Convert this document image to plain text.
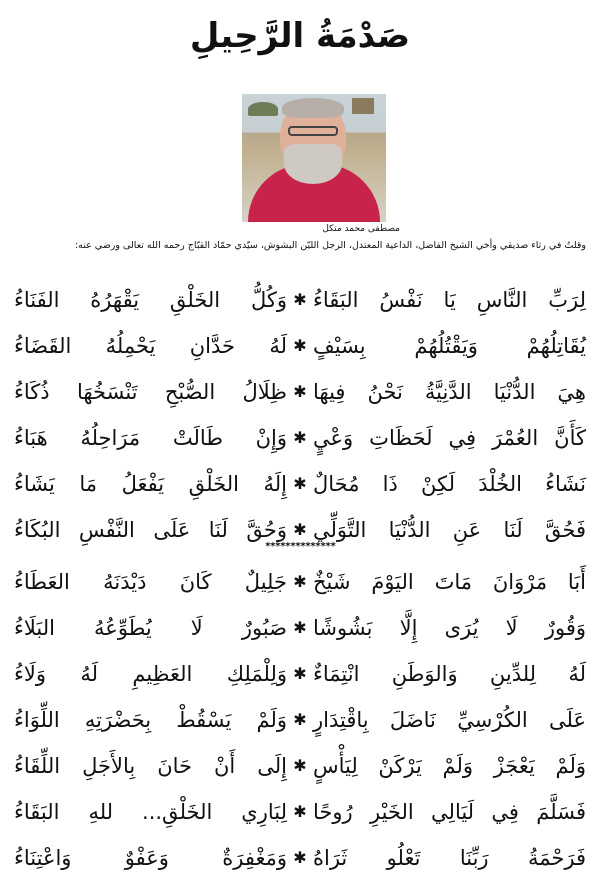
صَدْمَةُ الرَّحِيلِ
مصطفى محمد متكل
وقلتُ في رثاء صديقي وأخي الشيخ الفاضل، الداعية المعتدل، الرجل الليّن البشوش، سيّدي حمّاد القبّاج رحمه الله تعالى ورضي عنه:
لِرَبِّ النَّاسِ يَا نَفْسُ البَقَاءُ
✱
وَكُلُّ الخَلْقِ يَقْهَرُهُ الفَنَاءُ
يُقَاتِلُهُمْ وَيَقْتُلُهُمْ بِسَيْفٍ
✱
لَهُ حَدَّانِ يَحْمِلُهُ القَضَاءُ
هِيَ الدُّنْيَا الدَّنِيَّةُ نَحْنُ فِيهَا
✱
ظِلَالُ الصُّبْحِ تَنْسَخُهَا ذُكَاءُ
كَأَنَّ العُمْرَ فِي لَحَظَاتِ وَعْيٍ
✱
وَإِنْ طَالَتْ مَرَاحِلُهُ هَبَاءُ
نَشَاءُ الخُلْدَ لَكِنْ ذَا مُحَالٌ
✱
إِلَهُ الخَلْقِ يَفْعَلُ مَا يَشَاءُ
فَحُقَّ لَنَا عَنِ الدُّنْيَا التَّوَلِّي
✱
وَحُقَّ لَنَا عَلَى النَّفْسِ البُكَاءُ
**************
أَبَا مَرْوَانَ مَاتَ اليَوْمَ شَيْخٌ
✱
جَلِيلٌ كَانَ دَيْدَنَهُ العَطَاءُ
وَقُورٌ لَا يُرَى إِلَّا بَشُوشًا
✱
صَبُورٌ لَا يُطَوِّعُهُ البَلَاءُ
لَهُ لِلدِّينِ وَالوَطَنِ انْتِمَاءٌ
✱
وَلِلْمَلِكِ العَظِيمِ لَهُ وَلَاءُ
عَلَى الكُرْسِيِّ نَاضَلَ بِاقْتِدَارٍ
✱
وَلَمْ يَسْقُطْ بِحَضْرَتِهِ اللِّوَاءُ
وَلَمْ يَعْجَزْ وَلَمْ يَرْكَنْ لِيَأْسٍ
✱
إِلَى أَنْ حَانَ بِالأَجَلِ اللِّقَاءُ
فَسَلَّمَ فِي لَيَالِي الخَيْرِ رُوحًا
✱
لِبَارِي الخَلْقِ... للهِ البَقَاءُ
فَرَحْمَةُ رَبِّنَا تَعْلُو ثَرَاهُ
✱
وَمَغْفِرَةٌ وَعَفْوٌ وَاعْتِنَاءُ
